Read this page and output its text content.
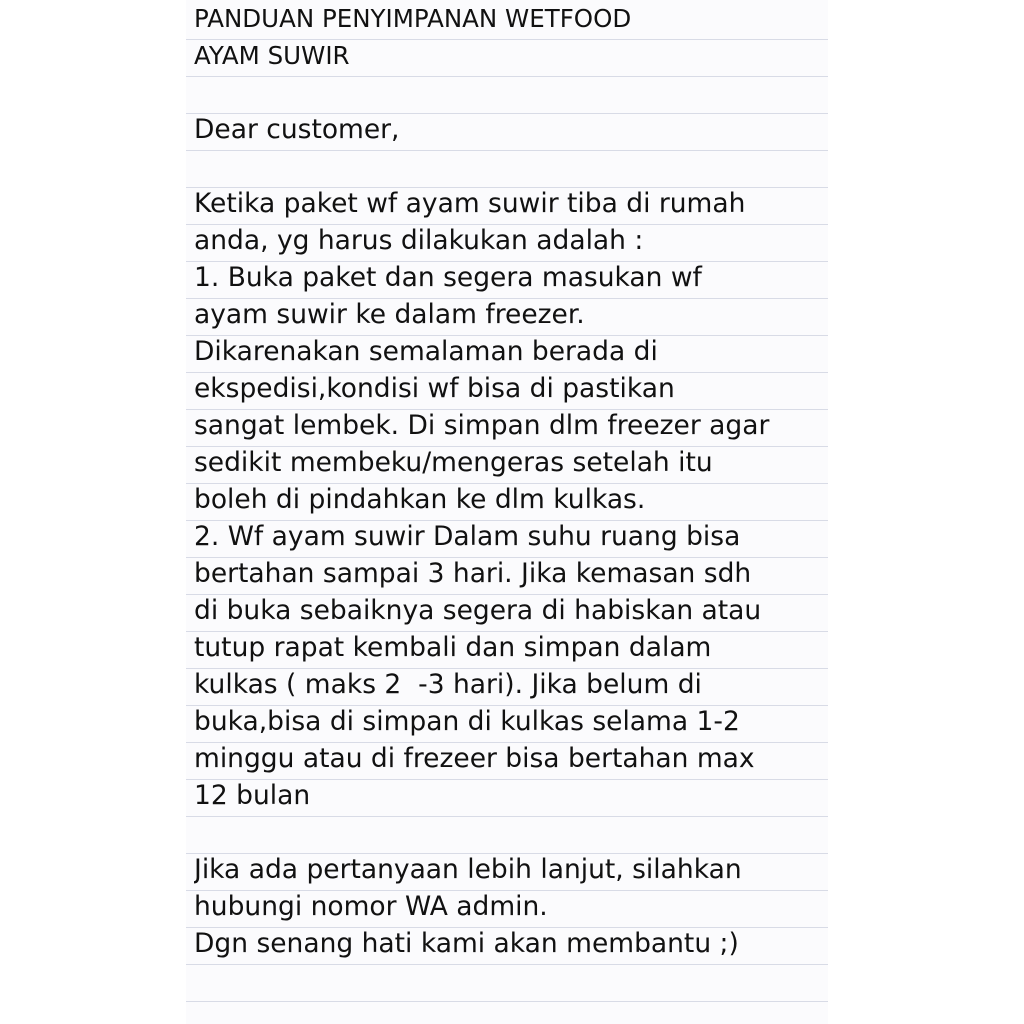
PANDUAN PENYIMPANAN WETFOOD
AYAM SUWIR
Dear customer,
Ketika paket wf ayam suwir tiba di rumah
anda, yg harus dilakukan adalah :
1. Buka paket dan segera masukan wf
ayam suwir ke dalam freezer.
Dikarenakan semalaman berada di
ekspedisi,kondisi wf bisa di pastikan
sangat lembek. Di simpan dlm freezer agar
sedikit membeku/mengeras setelah itu
boleh di pindahkan ke dlm kulkas.
2. Wf ayam suwir Dalam suhu ruang bisa
bertahan sampai 3 hari. Jika kemasan sdh
di buka sebaiknya segera di habiskan atau
tutup rapat kembali dan simpan dalam
kulkas ( maks 2  -3 hari). Jika belum di
buka,bisa di simpan di kulkas selama 1-2
minggu atau di frezeer bisa bertahan max
12 bulan
Jika ada pertanyaan lebih lanjut, silahkan
hubungi nomor WA admin.
Dgn senang hati kami akan membantu ;)
